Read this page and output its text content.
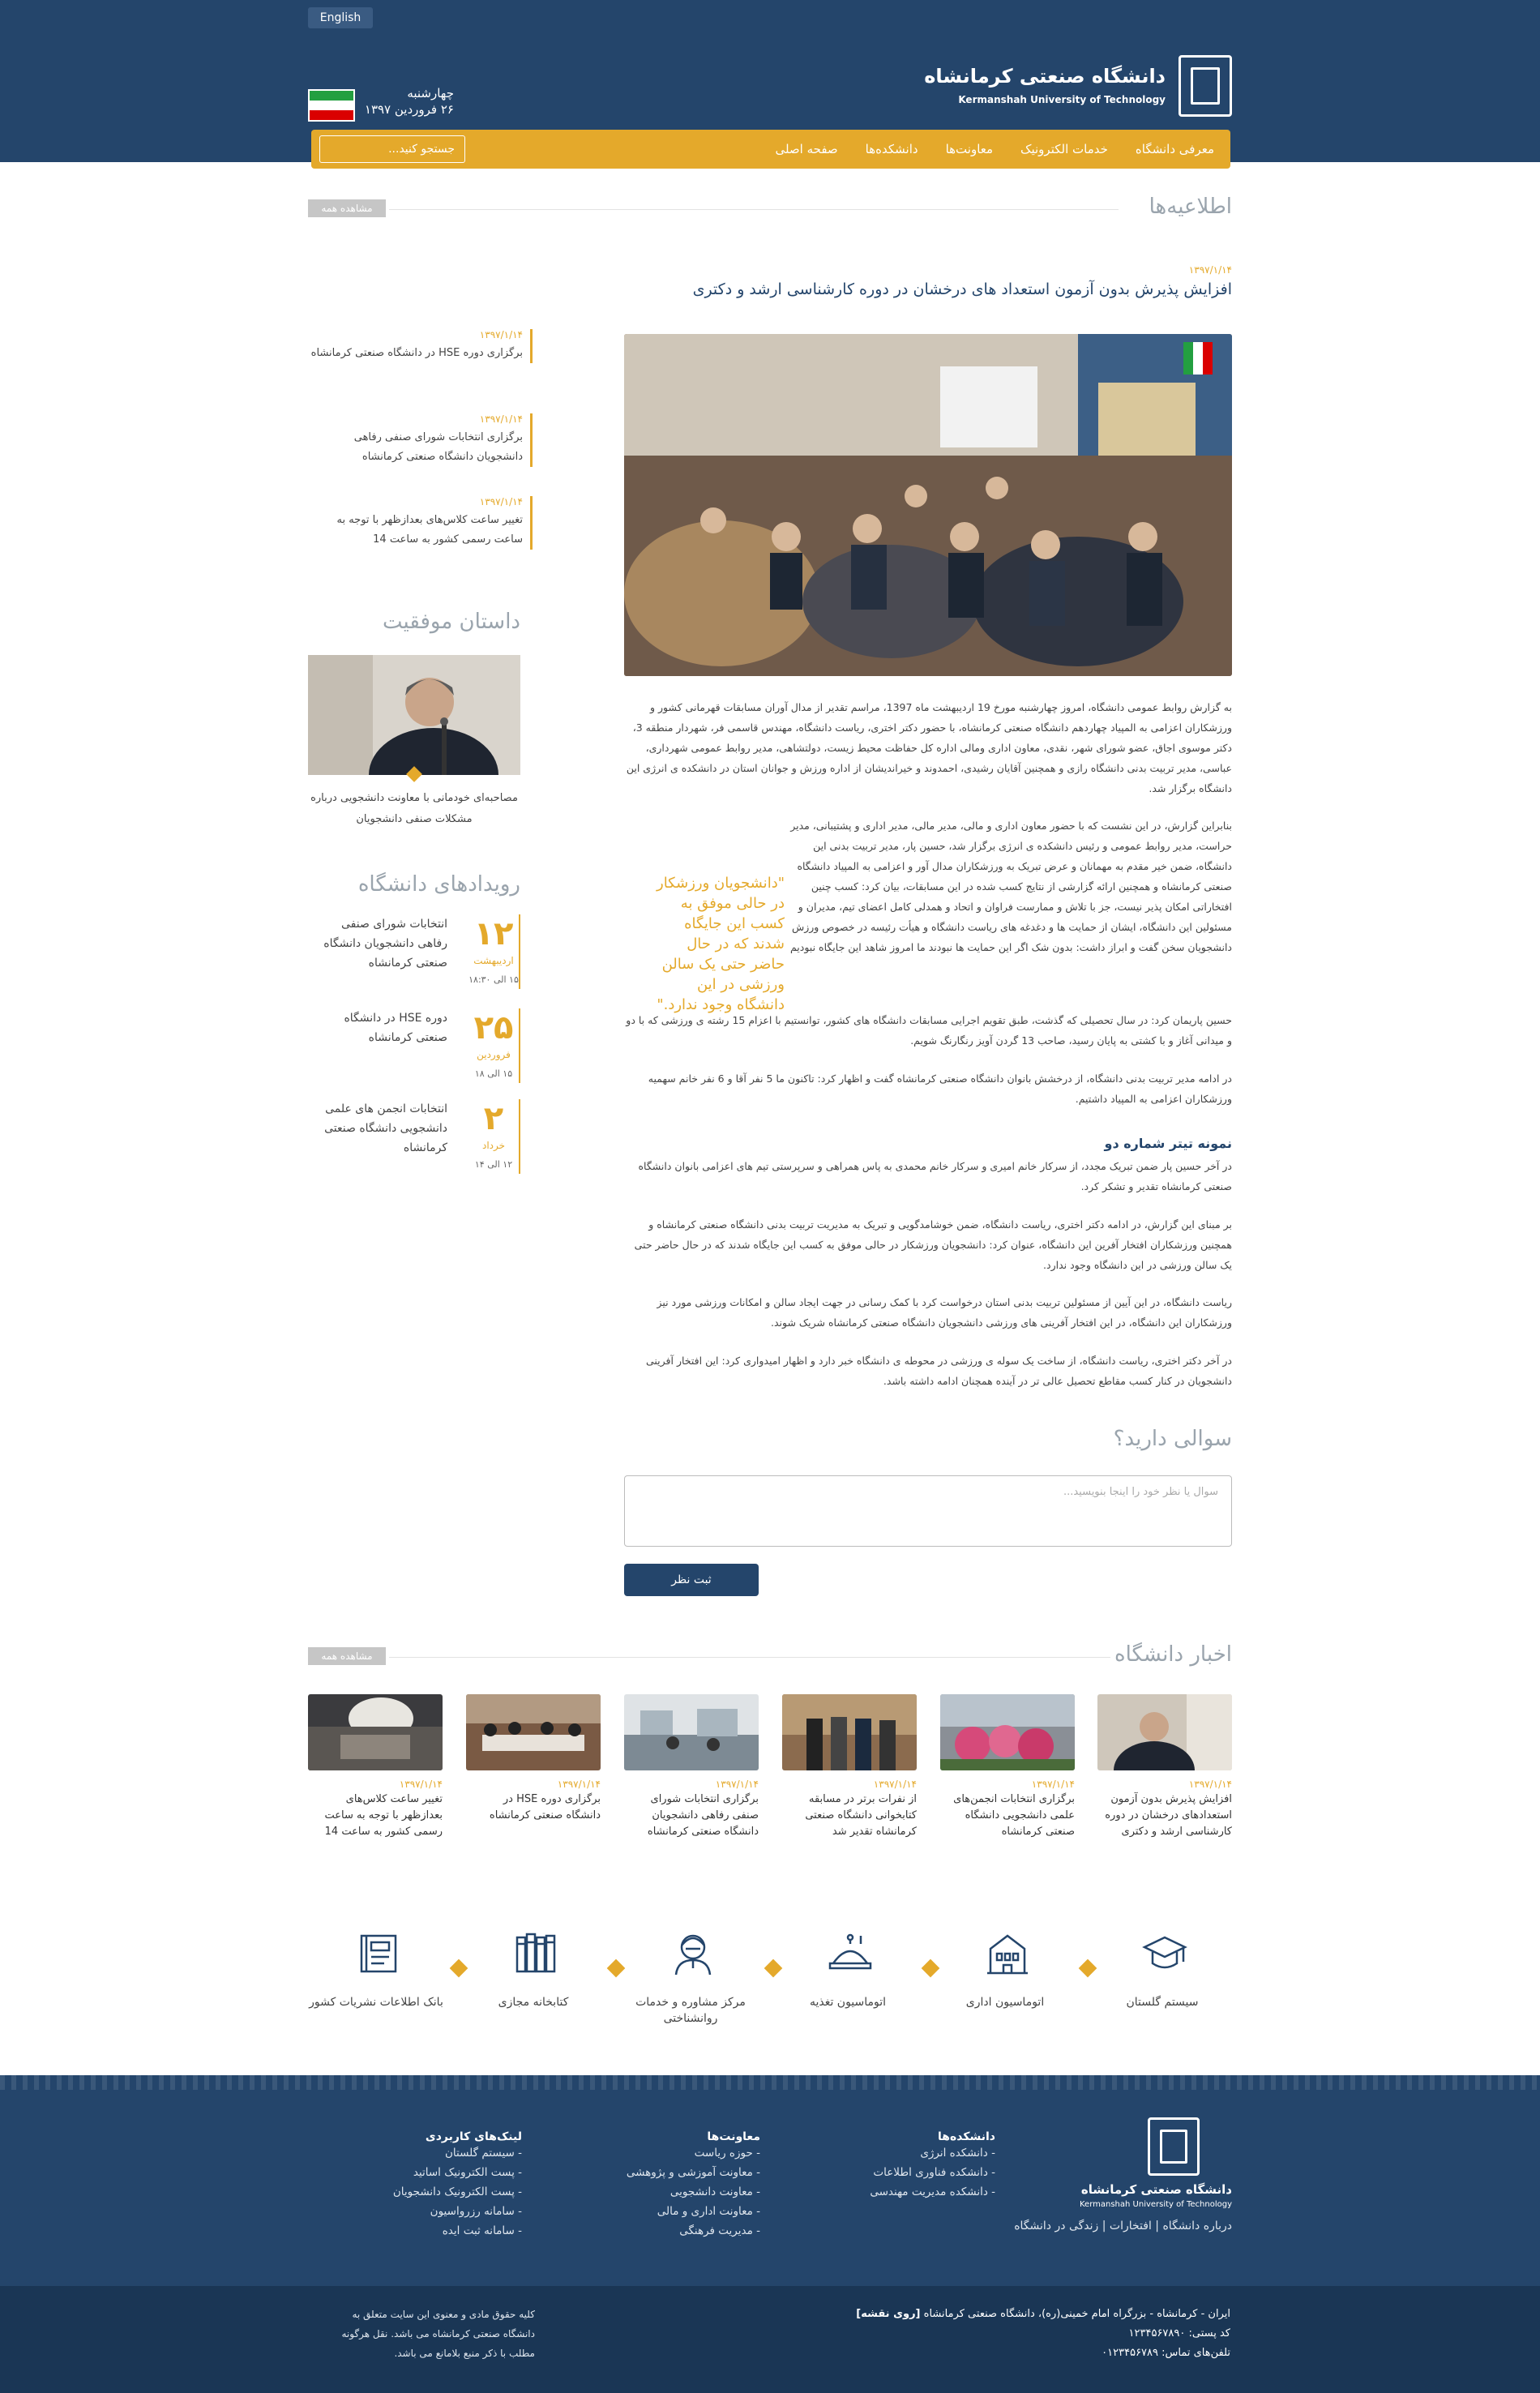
English
چهارشنبه
۲۶ فروردین ۱۳۹۷
دانشگاه صنعتی کرمانشاه
Kermanshah University of Technology
صفحه اصلی دانشکده‌ها معاونت‌ها خدمات الکترونیک معرفی دانشگاه
جستجو کنید...
اطلاعیه‌ها
مشاهده همه
۱۳۹۷/۱/۱۴
افزایش پذیرش بدون آزمون استعداد های درخشان در دوره کارشناسی ارشد و دکتری
به گزارش روابط عمومی دانشگاه، امروز چهارشنبه مورخ 19 اردیبهشت ماه 1397، مراسم تقدیر از مدال آوران مسابقات قهرمانی کشور و ورزشکاران اعزامی به المپیاد چهاردهم دانشگاه صنعتی کرمانشاه، با حضور دکتر اختری، ریاست دانشگاه، مهندس قاسمی فر، شهردار منطقه 3، دکتر موسوی اجاق، عضو شورای شهر، نقدی، معاون اداری ومالی اداره کل حفاظت محیط زیست، دولتشاهی، مدیر روابط عمومی شهرداری، عباسی، مدیر تربیت بدنی دانشگاه رازی و همچنین آقایان رشیدی، احمدوند و خیراندیشان از اداره ورزش و جوانان استان در دانشکده ی انرژی این دانشگاه برگزار شد.
بنابراین گزارش، در این نشست که با حضور معاون اداری و مالی، مدیر مالی، مدیر اداری و پشتیبانی، مدیر حراست، مدیر روابط عمومی و رئیس دانشکده ی انرژی برگزار شد، حسین پار، مدیر تربیت بدنی این دانشگاه، ضمن خیر مقدم به مهمانان و عرض تبریک به ورزشکاران مدال آور و اعزامی به المپیاد دانشگاه صنعتی کرمانشاه و همچنین ارائه گزارشی از نتایج کسب شده در این مسابقات، بیان کرد: کسب چنین افتخاراتی امکان پذیر نیست، جز با تلاش و ممارست فراوان و اتحاد و همدلی کامل اعضای تیم، مدیران و مسئولین این دانشگاه، ایشان از حمایت ها و دغدغه های ریاست دانشگاه و هیأت رئیسه در خصوص ورزش دانشجویان سخن گفت و ابراز داشت: بدون شک اگر این حمایت ها نبودند ما امروز شاهد این جایگاه نبودیم
"دانشجویان ورزشکار در حالی موفق به کسب این جایگاه شدند که در حال حاضر حتی یک سالن ورزشی در این دانشگاه وجود ندارد."
حسین پاریمان کرد: در سال تحصیلی که گذشت، طبق تقویم اجرایی مسابقات دانشگاه های کشور، توانستیم با اعزام 15 رشته ی ورزشی که با دو و میدانی آغاز و با کشتی به پایان رسید، صاحب 13 گردن آویز رنگارنگ شویم.
در ادامه مدیر تربیت بدنی دانشگاه، از درخشش بانوان دانشگاه صنعتی کرمانشاه گفت و اظهار کرد: تاکنون ما 5 نفر آقا و 6 نفر خانم سهمیه ورزشکاران اعزامی به المپیاد داشتیم.
نمونه تیتر شماره دو
در آخر حسین پار ضمن تبریک مجدد، از سرکار خانم امیری و سرکار خانم محمدی به پاس همراهی و سرپرستی تیم های اعزامی بانوان دانشگاه صنعتی کرمانشاه تقدیر و تشکر کرد.
بر مبنای این گزارش، در ادامه دکتر اختری، ریاست دانشگاه، ضمن خوشامدگویی و تبریک به مدیریت تربیت بدنی دانشگاه صنعتی کرمانشاه و همچنین ورزشکاران افتخار آفرین این دانشگاه، عنوان کرد: دانشجویان ورزشکار در حالی موفق به کسب این جایگاه شدند که در حال حاضر حتی یک سالن ورزشی در این دانشگاه وجود ندارد.
ریاست دانشگاه، در این آیین از مسئولین تربیت بدنی استان درخواست کرد با کمک رسانی در جهت ایجاد سالن و امکانات ورزشی مورد نیز ورزشکاران این دانشگاه، در این افتخار آفرینی های ورزشی دانشجویان دانشگاه صنعتی کرمانشاه شریک شوند.
در آخر دکتر اختری، ریاست دانشگاه، از ساخت یک سوله ی ورزشی در محوطه ی دانشگاه خبر دارد و اظهار امیدواری کرد: این افتخار آفرینی دانشجویان در کنار کسب مقاطع تحصیل عالی تر در آینده همچنان ادامه داشته باشد.
۱۳۹۷/۱/۱۴
برگزاری دوره HSE در دانشگاه صنعتی کرمانشاه
۱۳۹۷/۱/۱۴
برگزاری انتخابات شورای صنفی رفاهی دانشجویان دانشگاه صنعتی کرمانشاه
۱۳۹۷/۱/۱۴
تغییر ساعت کلاس‌های بعدازظهر با توجه به ساعت رسمی کشور به ساعت 14
داستان موفقیت
مصاحبه‌ای خودمانی با معاونت دانشجویی درباره مشکلات صنفی دانشجویان
رویدادهای دانشگاه
۱۲
اردیبهشت
۱۵ الی ۱۸:۳۰
انتخابات شورای صنفی رفاهی دانشجویان دانشگاه صنعتی کرمانشاه
۲۵
فروردین
۱۵ الی ۱۸
دوره HSE در دانشگاه صنعتی کرمانشاه
۲
خرداد
۱۲ الی ۱۴
انتخابات انجمن های علمی دانشجویی دانشگاه صنعتی کرمانشاه
سوالی دارید؟
سوال یا نظر خود را اینجا بنویسید...
ثبت نظر
اخبار دانشگاه
مشاهده همه
۱۳۹۷/۱/۱۴
افزایش پذیرش بدون آزمون استعدادهای درخشان در دوره کارشناسی ارشد و دکتری
۱۳۹۷/۱/۱۴
برگزاری انتخابات انجمن‌های علمی دانشجویی دانشگاه صنعتی کرمانشاه
۱۳۹۷/۱/۱۴
از نفرات برتر در مسابقه کتابخوانی دانشگاه صنعتی کرمانشاه تقدیر شد
۱۳۹۷/۱/۱۴
برگزاری انتخابات شورای صنفی رفاهی دانشجویان دانشگاه صنعتی کرمانشاه
۱۳۹۷/۱/۱۴
برگزاری دوره HSE در دانشگاه صنعتی کرمانشاه
۱۳۹۷/۱/۱۴
تغییر ساعت کلاس‌های بعدازظهر با توجه به ساعت رسمی کشور به ساعت 14
سیستم گلستان
اتوماسیون اداری
اتوماسیون تغذیه
مرکز مشاوره و خدمات روانشناختی
کتابخانه مجازی
بانک اطلاعات نشریات کشور
دانشگاه صنعتی کرمانشاه
Kermanshah University of Technology
درباره دانشگاه | افتخارات | زندگی در دانشگاه
دانشکده‌ها
- دانشکده انرژی
- دانشکده فناوری اطلاعات
- دانشکده مدیریت مهندسی
معاونت‌ها
- حوزه ریاست
- معاونت آموزشی و پژوهشی
- معاونت دانشجویی
- معاونت اداری و مالی
- مدیریت فرهنگی
لینک‌های کاربردی
- سیستم گلستان
- پست الکترونیک اساتید
- پست الکترونیک دانشجویان
- سامانه رزرواسیون
- سامانه ثبت ایده
ایران - کرمانشاه - بزرگراه امام خمینی(ره)، دانشگاه صنعتی کرمانشاه [روی نقشه]
کد پستی: ۱۲۳۴۵۶۷۸۹۰
تلفن‌های تماس: ۰۱۲۳۴۵۶۷۸۹
کلیه حقوق مادی و معنوی این سایت متعلق به دانشگاه صنعتی کرمانشاه می باشد. نقل هرگونه مطلب با ذکر منبع بلامانع می باشد.
